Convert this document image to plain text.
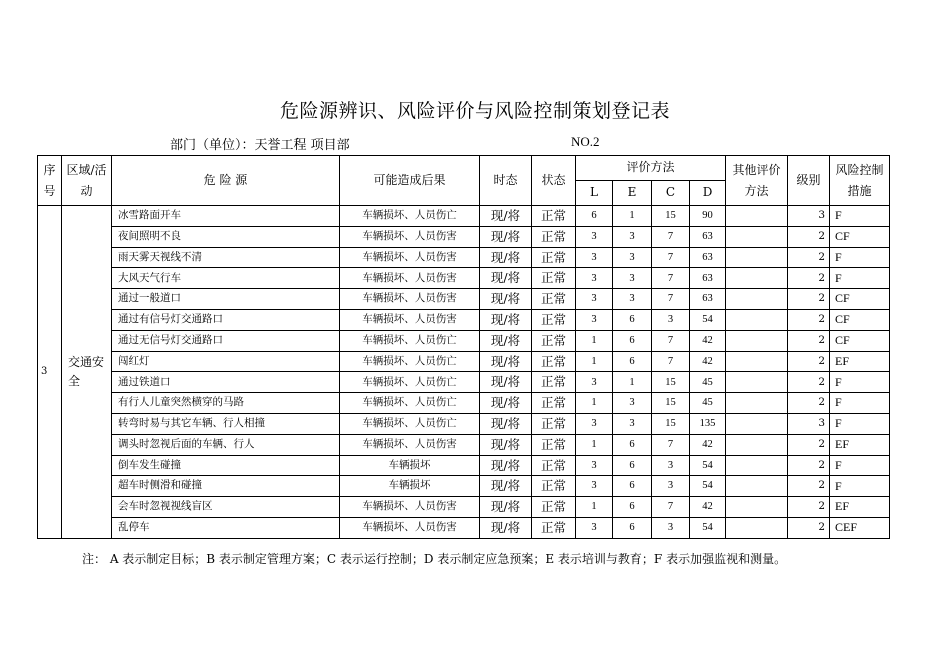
危险源辨识、风险评价与风险控制策划登记表
部门（单位）：天誉工程 项目部	NO.2
序号	区域/活动	危 险 源	可能造成后果	时态	状态	评价方法				其他评价方法	级别	风险控制措施
						L	E	C	D			
3	交通安全	冰雪路面开车	车辆损坏、人员伤亡	现/将	正常	6	1	15	90		3	F
		夜间照明不良	车辆损坏、人员伤害	现/将	正常	3	3	7	63		2	CF
		雨天雾天视线不清	车辆损坏、人员伤害	现/将	正常	3	3	7	63		2	F
		大风天气行车	车辆损坏、人员伤害	现/将	正常	3	3	7	63		2	F
		通过一般道口	车辆损坏、人员伤害	现/将	正常	3	3	7	63		2	CF
		通过有信号灯交通路口	车辆损坏、人员伤害	现/将	正常	3	6	3	54		2	CF
		通过无信号灯交通路口	车辆损坏、人员伤亡	现/将	正常	1	6	7	42		2	CF
		闯红灯	车辆损坏、人员伤亡	现/将	正常	1	6	7	42		2	EF
		通过铁道口	车辆损坏、人员伤亡	现/将	正常	3	1	15	45		2	F
		有行人儿童突然横穿的马路	车辆损坏、人员伤亡	现/将	正常	1	3	15	45		2	F
		转弯时易与其它车辆、行人相撞	车辆损坏、人员伤亡	现/将	正常	3	3	15	135		3	F
		调头时忽视后面的车辆、行人	车辆损坏、人员伤害	现/将	正常	1	6	7	42		2	EF
		倒车发生碰撞	车辆损坏	现/将	正常	3	6	3	54		2	F
		超车时侧滑和碰撞	车辆损坏	现/将	正常	3	6	3	54		2	F
		会车时忽视视线盲区	车辆损坏、人员伤害	现/将	正常	1	6	7	42		2	EF
		乱停车	车辆损坏、人员伤害	现/将	正常	3	6	3	54		2	CEF
注： A 表示制定目标；B 表示制定管理方案；C 表示运行控制；D 表示制定应急预案；E 表示培训与教育；F 表示加强监视和测量。
